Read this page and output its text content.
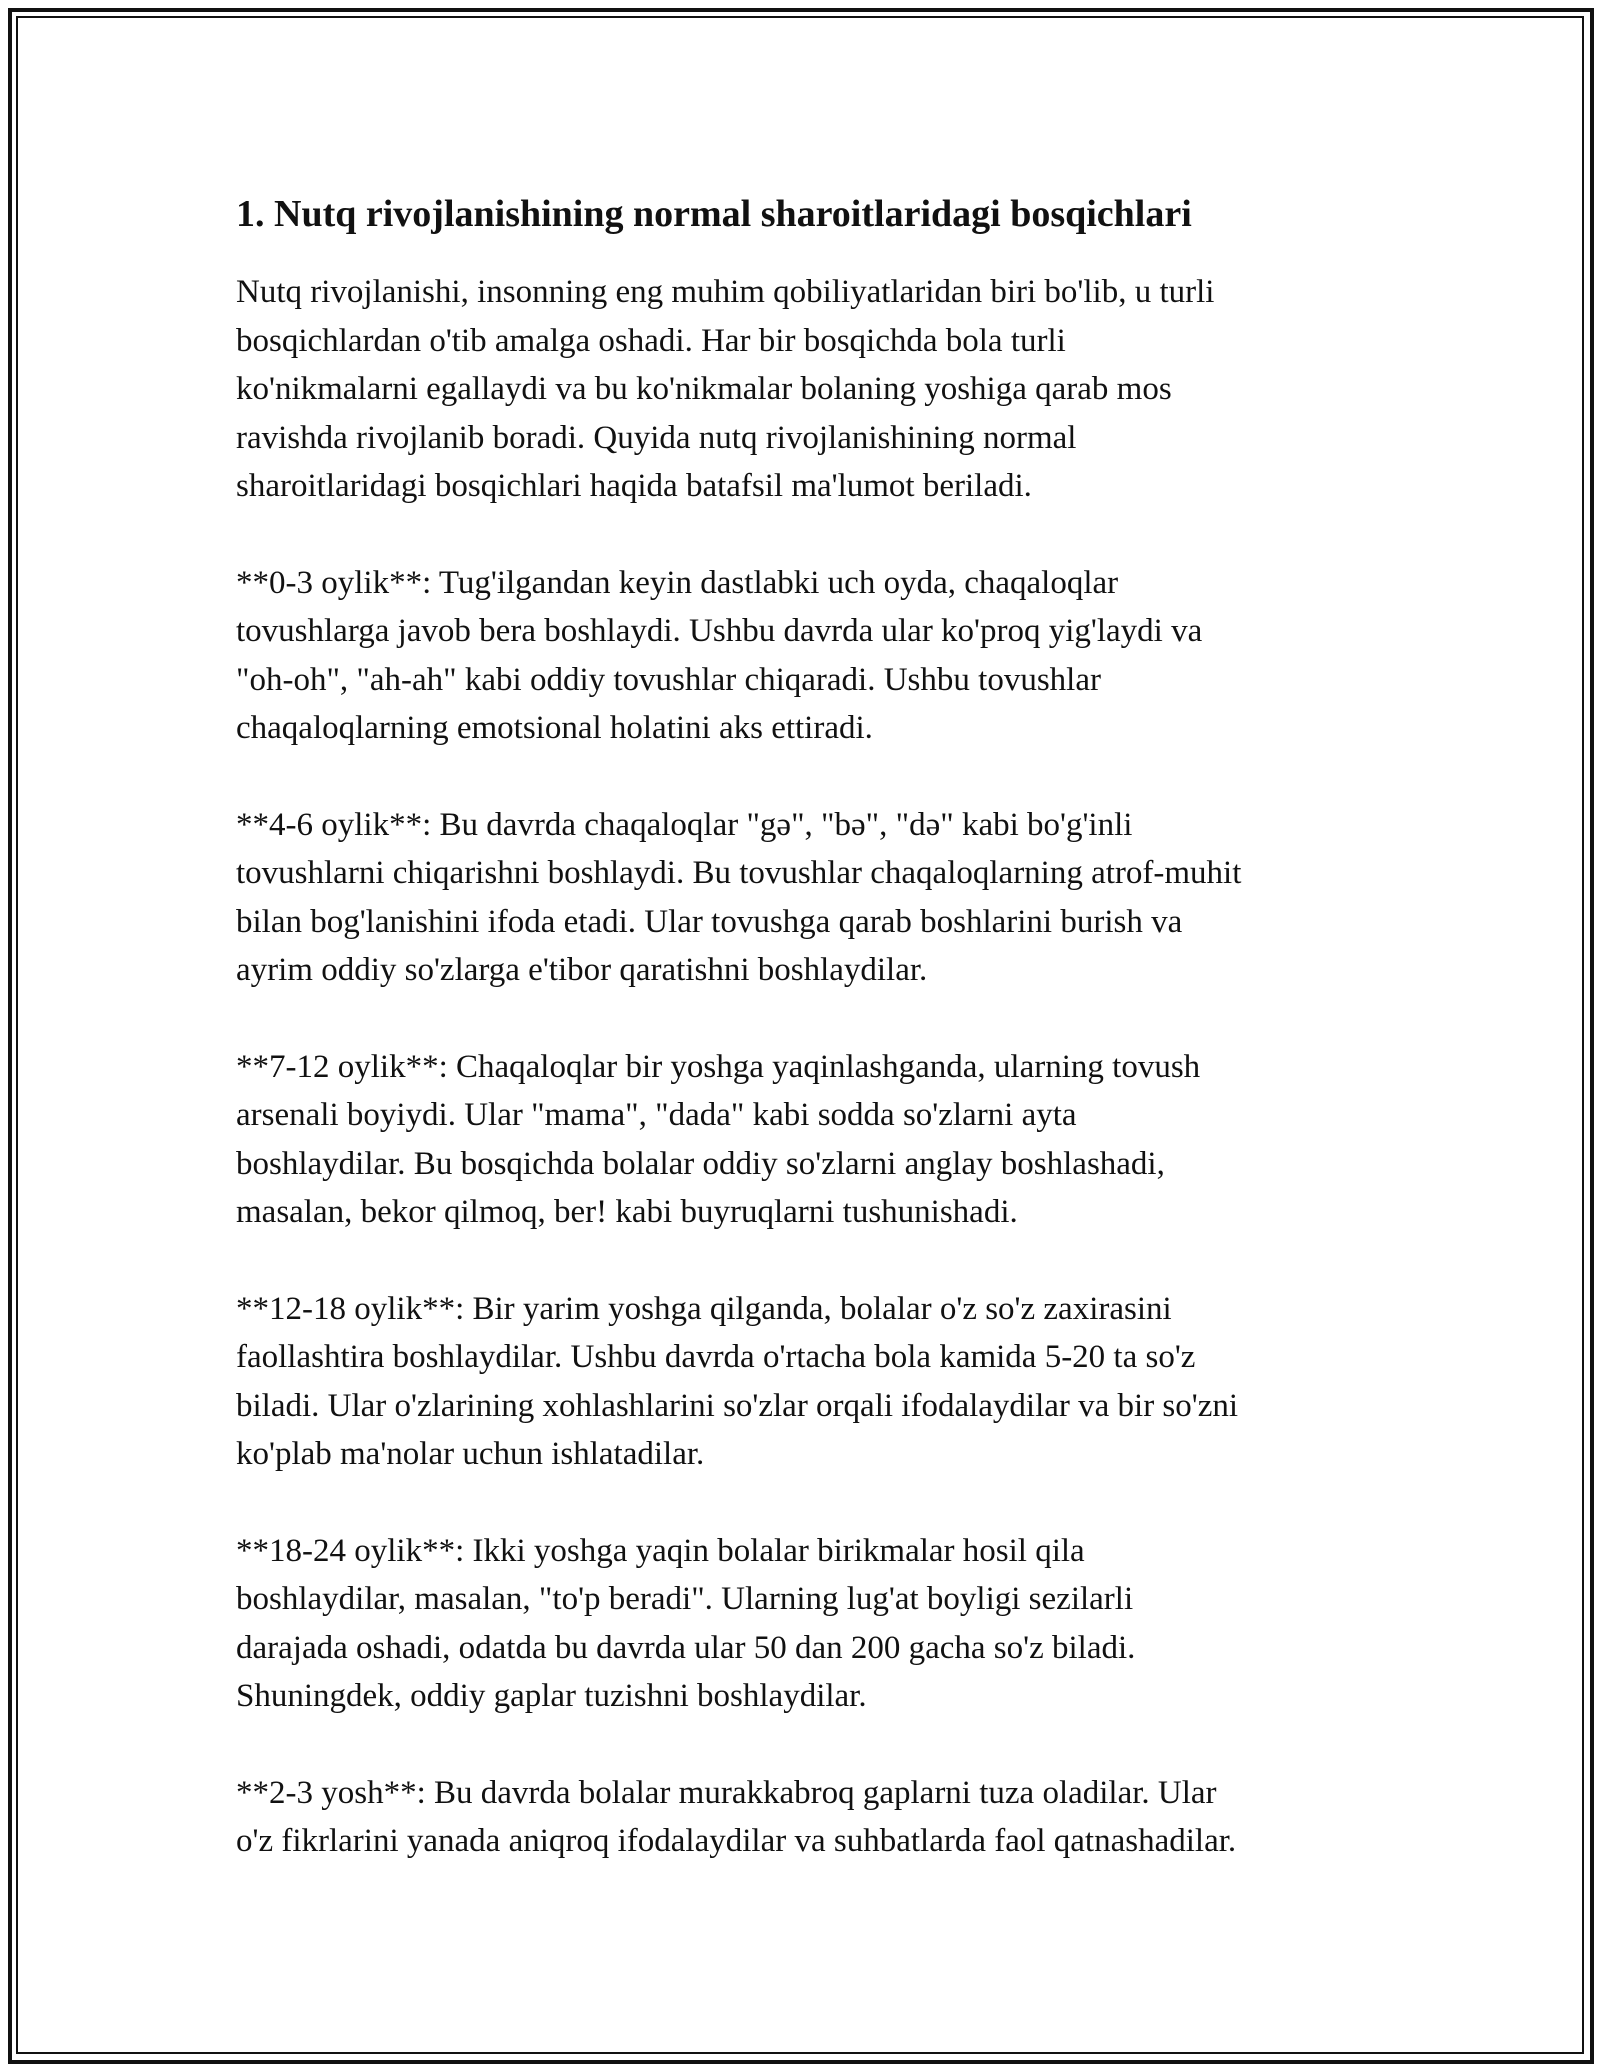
1. Nutq rivojlanishining normal sharoitlaridagi bosqichlari
Nutq rivojlanishi, insonning eng muhim qobiliyatlaridan biri bo'lib, u turli
bosqichlardan o'tib amalga oshadi. Har bir bosqichda bola turli
ko'nikmalarni egallaydi va bu ko'nikmalar bolaning yoshiga qarab mos
ravishda rivojlanib boradi. Quyida nutq rivojlanishining normal
sharoitlaridagi bosqichlari haqida batafsil ma'lumot beriladi.
**0-3 oylik**: Tug'ilgandan keyin dastlabki uch oyda, chaqaloqlar
tovushlarga javob bera boshlaydi. Ushbu davrda ular ko'proq yig'laydi va
"oh-oh", "ah-ah" kabi oddiy tovushlar chiqaradi. Ushbu tovushlar
chaqaloqlarning emotsional holatini aks ettiradi.
**4-6 oylik**: Bu davrda chaqaloqlar "gə", "bə", "də" kabi bo'g'inli
tovushlarni chiqarishni boshlaydi. Bu tovushlar chaqaloqlarning atrof-muhit
bilan bog'lanishini ifoda etadi. Ular tovushga qarab boshlarini burish va
ayrim oddiy so'zlarga e'tibor qaratishni boshlaydilar.
**7-12 oylik**: Chaqaloqlar bir yoshga yaqinlashganda, ularning tovush
arsenali boyiydi. Ular "mama", "dada" kabi sodda so'zlarni ayta
boshlaydilar. Bu bosqichda bolalar oddiy so'zlarni anglay boshlashadi,
masalan, bekor qilmoq, ber! kabi buyruqlarni tushunishadi.
**12-18 oylik**: Bir yarim yoshga qilganda, bolalar o'z so'z zaxirasini
faollashtira boshlaydilar. Ushbu davrda o'rtacha bola kamida 5-20 ta so'z
biladi. Ular o'zlarining xohlashlarini so'zlar orqali ifodalaydilar va bir so'zni
ko'plab ma'nolar uchun ishlatadilar.
**18-24 oylik**: Ikki yoshga yaqin bolalar birikmalar hosil qila
boshlaydilar, masalan, "to'p beradi". Ularning lug'at boyligi sezilarli
darajada oshadi, odatda bu davrda ular 50 dan 200 gacha so'z biladi.
Shuningdek, oddiy gaplar tuzishni boshlaydilar.
**2-3 yosh**: Bu davrda bolalar murakkabroq gaplarni tuza oladilar. Ular
o'z fikrlarini yanada aniqroq ifodalaydilar va suhbatlarda faol qatnashadilar.
